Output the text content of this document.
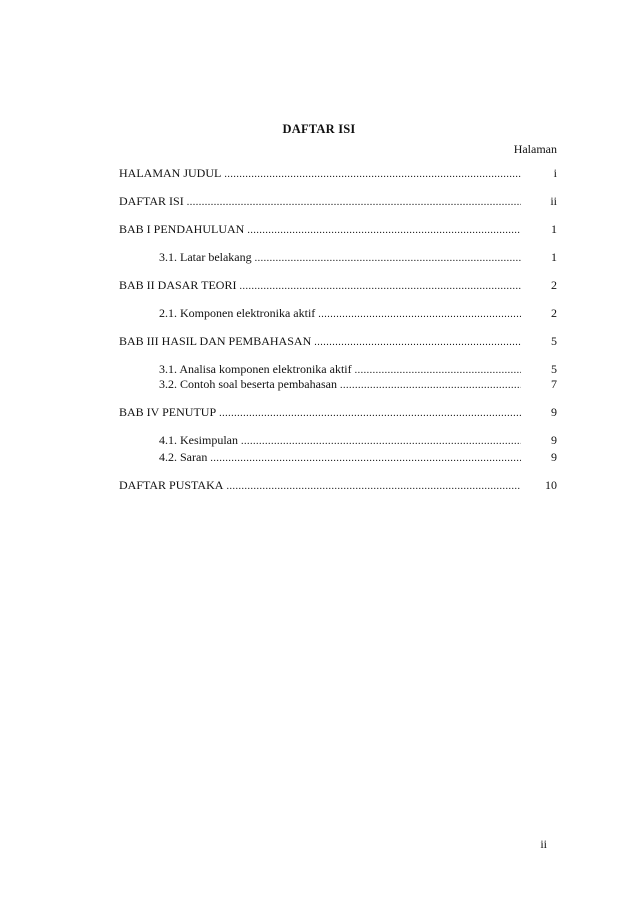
DAFTAR ISI
Halaman
HALAMAN JUDUL .....	i
DAFTAR ISI .....	ii
BAB I PENDAHULUAN .....	1
3.1. Latar belakang .....	1
BAB II DASAR TEORI .....	2
2.1. Komponen elektronika aktif .....	2
BAB III HASIL DAN PEMBAHASAN .....	5
3.1. Analisa komponen elektronika aktif .....	5
3.2. Contoh soal beserta pembahasan .....	7
BAB IV PENUTUP .....	9
4.1. Kesimpulan .....	9
4.2. Saran .....	9
DAFTAR PUSTAKA .....	10
ii
